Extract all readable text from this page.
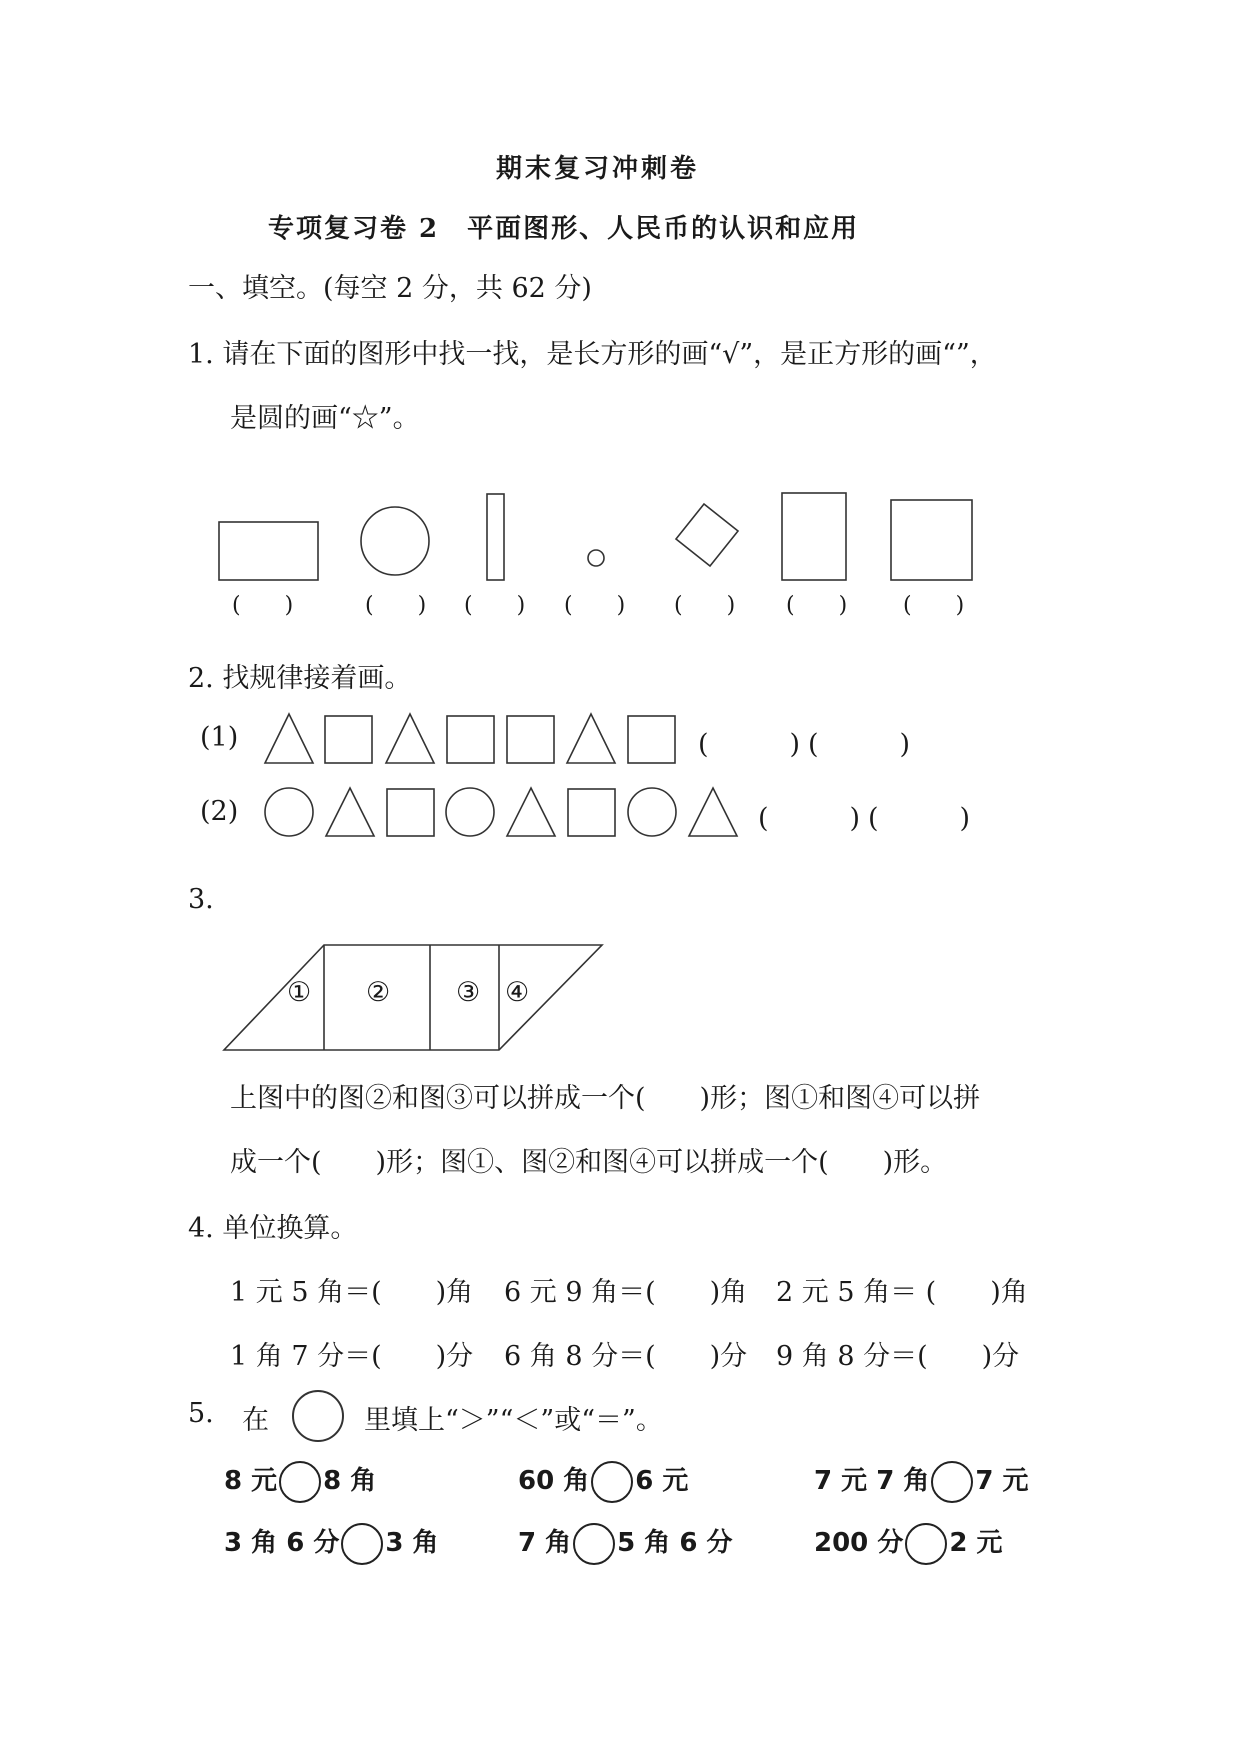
期末复习冲刺卷
专项复习卷 2　平面图形、人民币的认识和应用
一、填空。(每空 2 分，共 62 分)
1. 请在下面的图形中找一找，是长方形的画“√”，是正方形的画“”，
是圆的画“☆”。
(　　)	(　　) (　　) (　　) (　　) (　　)	(　　)
2. 找规律接着画。
(1)
(2)
(　　　) (　　　)
(　　　) (　　　)
3.
① ② ③ ④
上图中的图②和图③可以拼成一个(　　)形；图①和图④可以拼
成一个(　　)形；图①、图②和图④可以拼成一个(　　)形。
4. 单位换算。
1 元 5 角＝(　　)角 6 元 9 角＝(　　)角 2 元 5 角＝ (　　)角
1 角 7 分＝(　　)分 6 角 8 分＝(　　)分 9 角 8 分＝(　　)分
5. 在	里填上“＞”“＜”或“＝”。
8 元 8 角	60 角 6 元	7 元 7 角 7 元
3 角 6 分 3 角	7 角 5 角 6 分	200 分 2 元
